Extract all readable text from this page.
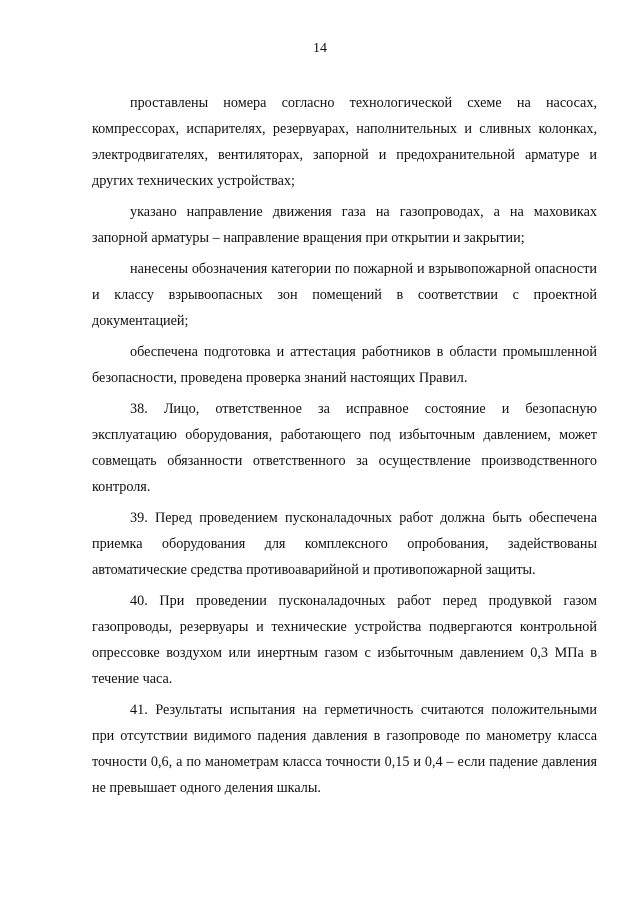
14

проставлены номера согласно технологической схеме на насосах, компрессорах, испарителях, резервуарах, наполнительных и сливных колонках, электродвигателях, вентиляторах, запорной и предохранительной арматуре и других технических устройствах;

указано направление движения газа на газопроводах, а на маховиках запорной арматуры – направление вращения при открытии и закрытии;

нанесены обозначения категории по пожарной и взрывопожарной опасности и классу взрывоопасных зон помещений в соответствии с проектной документацией;

обеспечена подготовка и аттестация работников в области промышленной безопасности, проведена проверка знаний настоящих Правил.

38. Лицо, ответственное за исправное состояние и безопасную эксплуатацию оборудования, работающего под избыточным давлением, может совмещать обязанности ответственного за осуществление производственного контроля.

39. Перед проведением пусконаладочных работ должна быть обеспечена приемка оборудования для комплексного опробования, задействованы автоматические средства противоаварийной и противопожарной защиты.

40. При проведении пусконаладочных работ перед продувкой газом газопроводы, резервуары и технические устройства подвергаются контрольной опрессовке воздухом или инертным газом с избыточным давлением 0,3 МПа в течение часа.

41. Результаты испытания на герметичность считаются положительными при отсутствии видимого падения давления в газопроводе по манометру класса точности 0,6, а по манометрам класса точности 0,15 и 0,4 – если падение давления не превышает одного деления шкалы.
